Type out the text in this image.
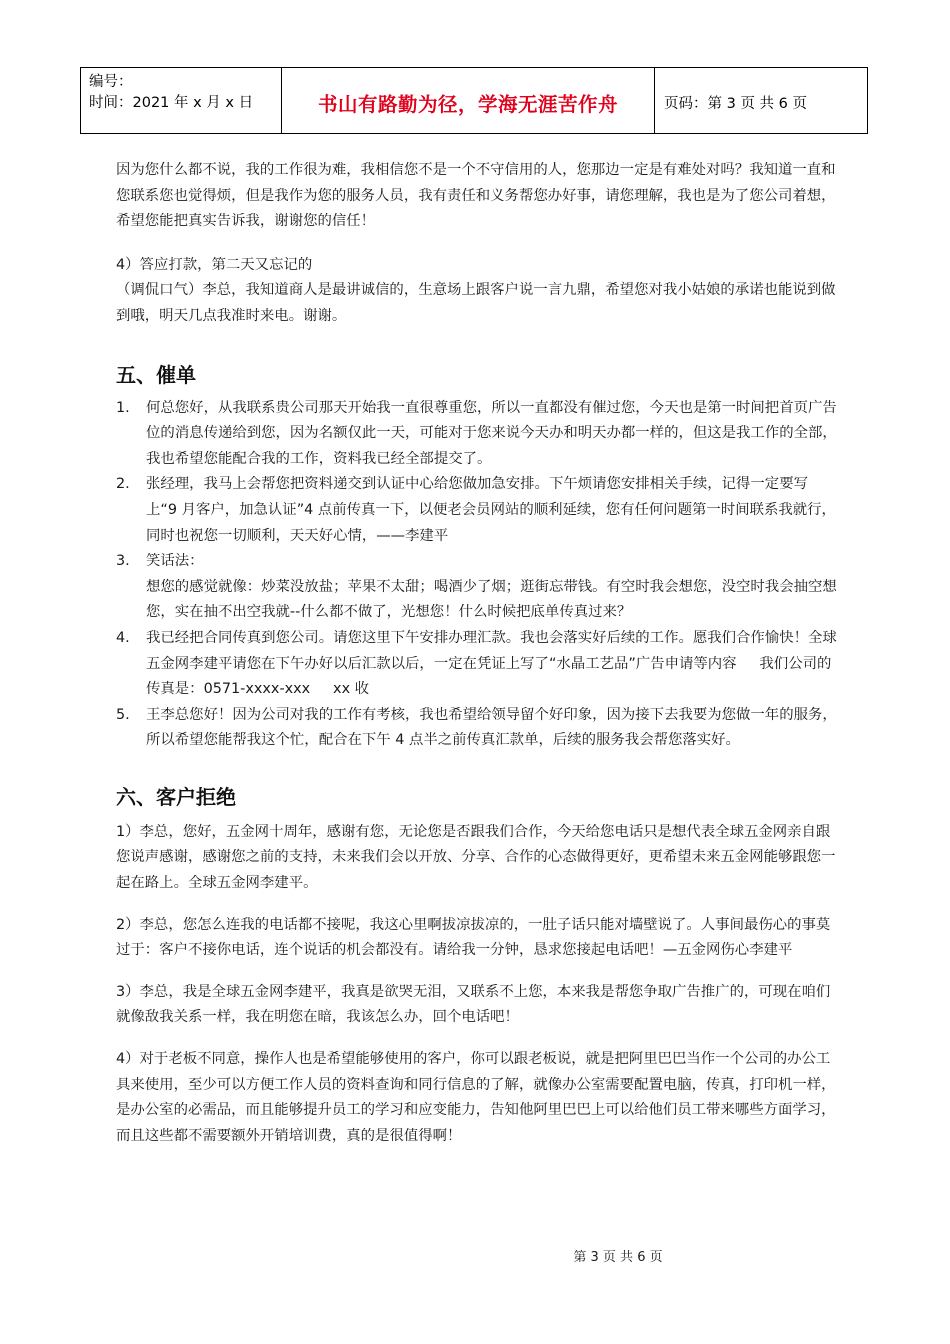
编号：
时间：2021 年 x 月 x 日	书山有路勤为径，学海无涯苦作舟	页码：第 3 页 共 6 页

因为您什么都不说，我的工作很为难，我相信您不是一个不守信用的人，您那边一定是有难处对吗？我知道一直和您联系您也觉得烦，但是我作为您的服务人员，我有责任和义务帮您办好事，请您理解，我也是为了您公司着想，希望您能把真实告诉我，谢谢您的信任！

4）答应打款，第二天又忘记的

（调侃口气）李总，我知道商人是最讲诚信的，生意场上跟客户说一言九鼎，希望您对我小姑娘的承诺也能说到做到哦，明天几点我准时来电。谢谢。

五、催单
1.	何总您好，从我联系贵公司那天开始我一直很尊重您，所以一直都没有催过您，今天也是第一时间把首页广告位的消息传递给到您，因为名额仅此一天，可能对于您来说今天办和明天办都一样的，但这是我工作的全部，我也希望您能配合我的工作，资料我已经全部提交了。
2.	张经理，我马上会帮您把资料递交到认证中心给您做加急安排。下午烦请您安排相关手续，记得一定要写上“9 月客户，加急认证”4 点前传真一下，以便老会员网站的顺利延续，您有任何问题第一时间联系我就行，同时也祝您一切顺利，天天好心情，——李建平
3.	笑话法：
想您的感觉就像：炒菜没放盐；苹果不太甜；喝酒少了烟；逛街忘带钱。有空时我会想您，没空时我会抽空想您，实在抽不出空我就--什么都不做了，光想您！什么时候把底单传真过来？
4.	我已经把合同传真到您公司。请您这里下午安排办理汇款。我也会落实好后续的工作。愿我们合作愉快！全球五金网李建平请您在下午办好以后汇款以后，一定在凭证上写了“水晶工艺品”广告申请等内容     我们公司的传真是：0571-xxxx-xxx     xx 收
5.	王李总您好！因为公司对我的工作有考核，我也希望给领导留个好印象，因为接下去我要为您做一年的服务，所以希望您能帮我这个忙，配合在下午 4 点半之前传真汇款单，后续的服务我会帮您落实好。
六、客户拒绝

1）李总，您好，五金网十周年，感谢有您，无论您是否跟我们合作，今天给您电话只是想代表全球五金网亲自跟您说声感谢，感谢您之前的支持，未来我们会以开放、分享、合作的心态做得更好，更希望未来五金网能够跟您一起在路上。全球五金网李建平。

2）李总，您怎么连我的电话都不接呢，我这心里啊拔凉拔凉的，一肚子话只能对墙壁说了。人事间最伤心的事莫过于：客户不接你电话，连个说话的机会都没有。请给我一分钟，恳求您接起电话吧！—五金网伤心李建平

3）李总，我是全球五金网李建平，我真是欲哭无泪，又联系不上您，本来我是帮您争取广告推广的，可现在咱们就像敌我关系一样，我在明您在暗，我该怎么办，回个电话吧！

4）对于老板不同意，操作人也是希望能够使用的客户，你可以跟老板说，就是把阿里巴巴当作一个公司的办公工具来使用，至少可以方便工作人员的资料查询和同行信息的了解，就像办公室需要配置电脑，传真，打印机一样，是办公室的必需品，而且能够提升员工的学习和应变能力，告知他阿里巴巴上可以给他们员工带来哪些方面学习，而且这些都不需要额外开销培训费，真的是很值得啊！

第 3 页 共 6 页
